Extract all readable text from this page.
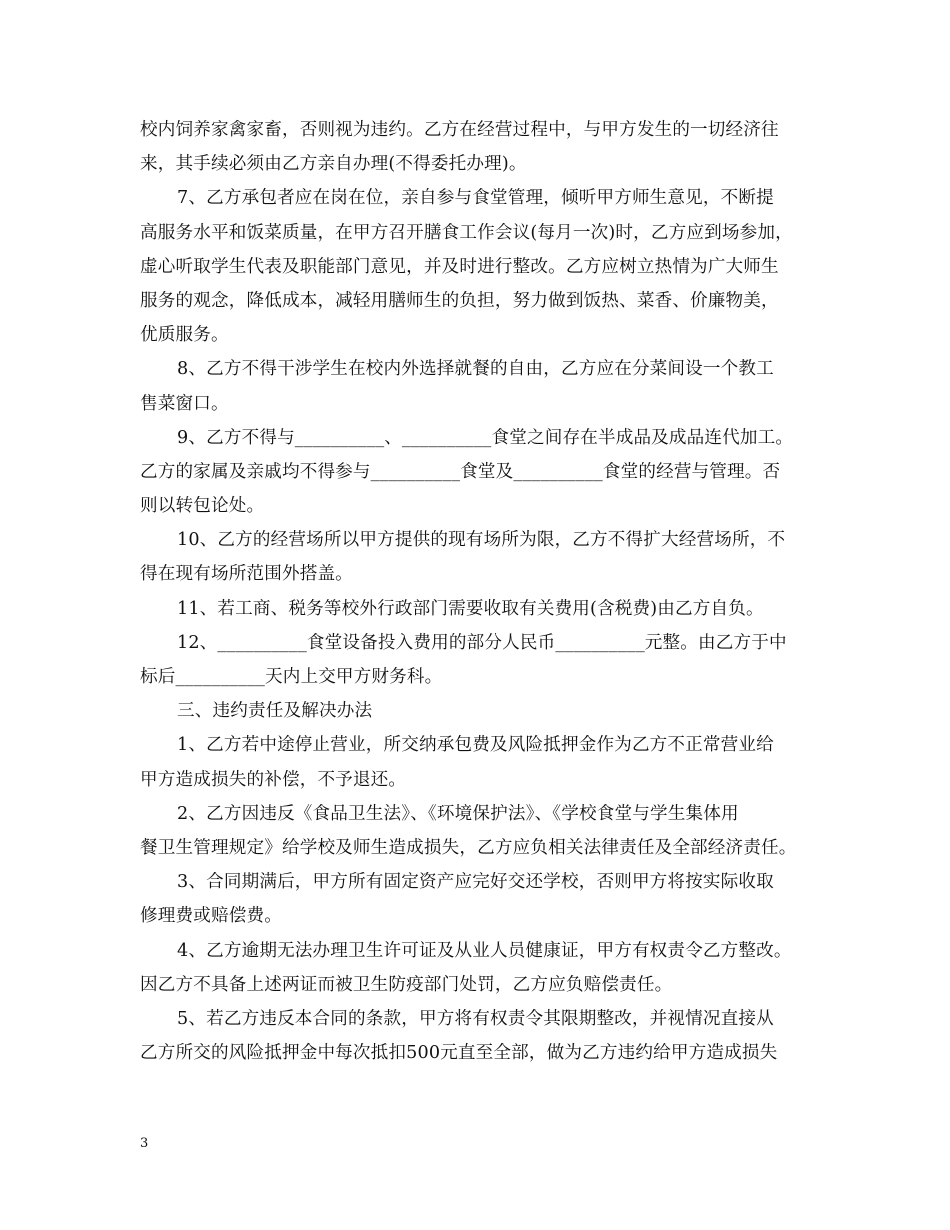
校内饲养家禽家畜，否则视为违约。乙方在经营过程中，与甲方发生的一切经济往
来，其手续必须由乙方亲自办理(不得委托办理)。
7、乙方承包者应在岗在位，亲自参与食堂管理，倾听甲方师生意见，不断提
高服务水平和饭菜质量，在甲方召开膳食工作会议(每月一次)时，乙方应到场参加，
虚心听取学生代表及职能部门意见，并及时进行整改。乙方应树立热情为广大师生
服务的观念，降低成本，减轻用膳师生的负担，努力做到饭热、菜香、价廉物美，
优质服务。
8、乙方不得干涉学生在校内外选择就餐的自由，乙方应在分菜间设一个教工
售菜窗口。
9、乙方不得与__________、__________食堂之间存在半成品及成品连代加工。
乙方的家属及亲戚均不得参与__________食堂及__________食堂的经营与管理。否
则以转包论处。
10、乙方的经营场所以甲方提供的现有场所为限，乙方不得扩大经营场所，不
得在现有场所范围外搭盖。
11、若工商、税务等校外行政部门需要收取有关费用(含税费)由乙方自负。
12、__________食堂设备投入费用的部分人民币__________元整。由乙方于中
标后__________天内上交甲方财务科。
三、违约责任及解决办法
1、乙方若中途停止营业，所交纳承包费及风险抵押金作为乙方不正常营业给
甲方造成损失的补偿，不予退还。
2、乙方因违反《食品卫生法》、《环境保护法》、《学校食堂与学生集体用
餐卫生管理规定》给学校及师生造成损失，乙方应负相关法律责任及全部经济责任。
3、合同期满后，甲方所有固定资产应完好交还学校，否则甲方将按实际收取
修理费或赔偿费。
4、乙方逾期无法办理卫生许可证及从业人员健康证，甲方有权责令乙方整改。
因乙方不具备上述两证而被卫生防疫部门处罚，乙方应负赔偿责任。
5、若乙方违反本合同的条款，甲方将有权责令其限期整改，并视情况直接从
乙方所交的风险抵押金中每次抵扣500元直至全部，做为乙方违约给甲方造成损失
3
